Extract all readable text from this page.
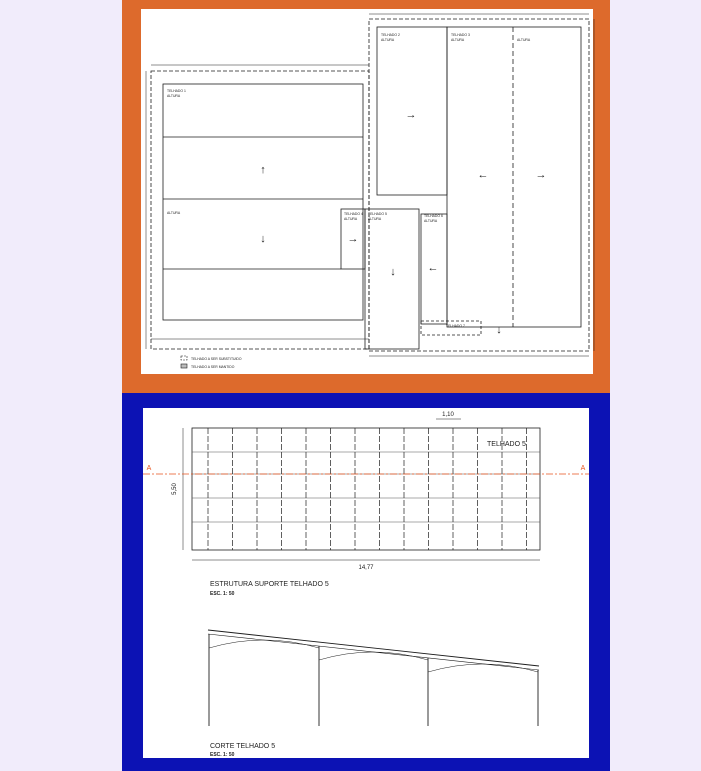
↑
↓
→
←	→
→
↓	←
↓
TELHADO 1
ALTURA
ALTURA
TELHADO 2
ALTURA
TELHADO 3
ALTURA	ALTURA
TELHADO 4
ALTURA
TELHADO 5
ALTURA
TELHADO 6
ALTURA
TELHADO 7
TELHADO A SER SUBSTITUIDO
TELHADO A SER MANTIDO
A	A
1,10
14,77
5,50
TELHADO 5
ESTRUTURA SUPORTE TELHADO 5
ESC. 1: 50
CORTE TELHADO 5
ESC. 1: 50
